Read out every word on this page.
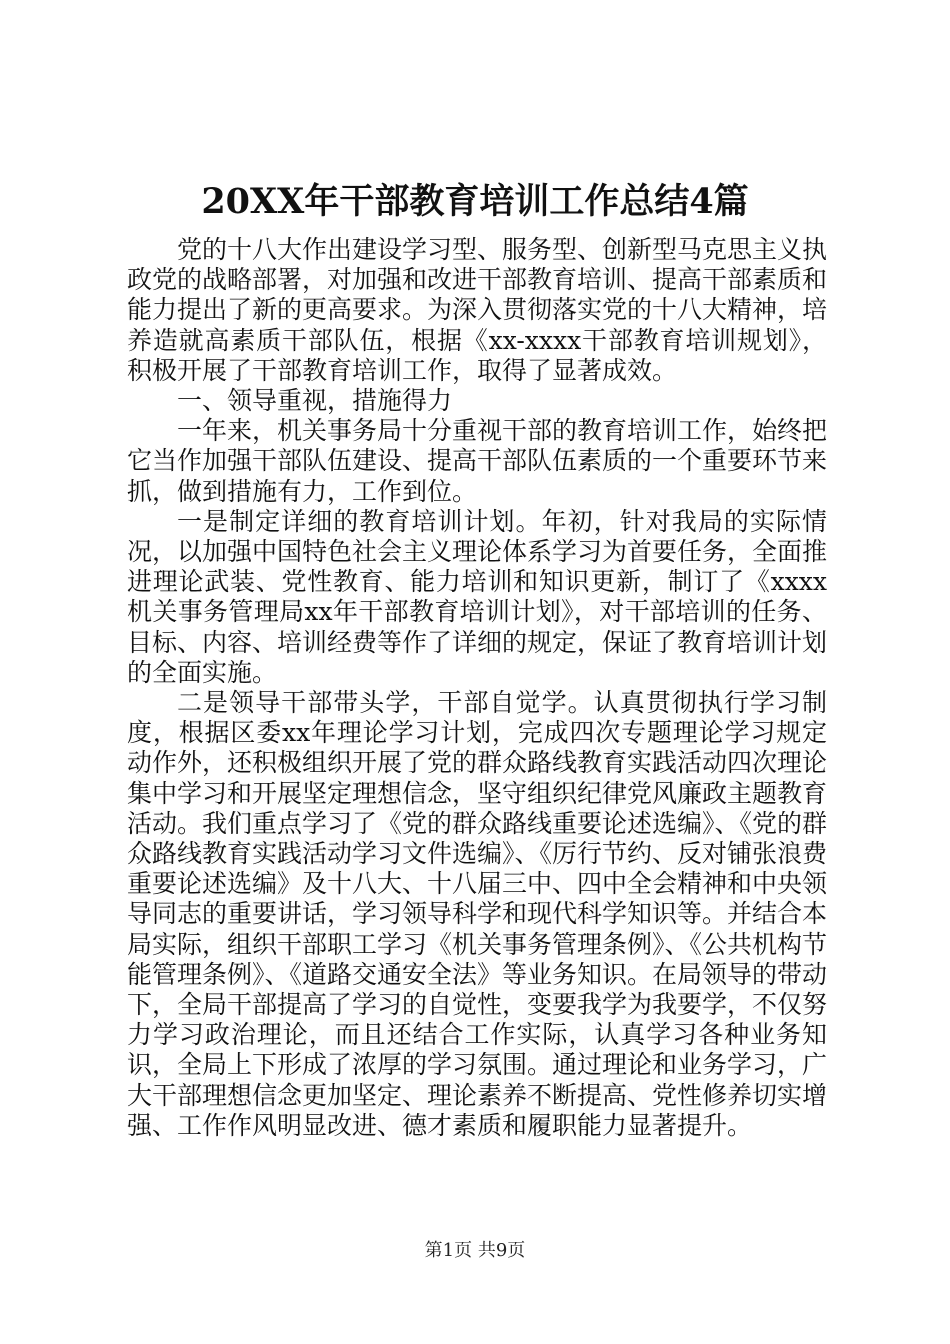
20XX年干部教育培训工作总结4篇

党的十八大作出建设学习型、服务型、创新型马克思主义执政党的战略部署，对加强和改进干部教育培训、提高干部素质和能力提出了新的更高要求。为深入贯彻落实党的十八大精神，培养造就高素质干部队伍，根据《xx-xxxx干部教育培训规划》，积极开展了干部教育培训工作，取得了显著成效。

一、领导重视，措施得力

一年来，机关事务局十分重视干部的教育培训工作，始终把它当作加强干部队伍建设、提高干部队伍素质的一个重要环节来抓，做到措施有力，工作到位。

一是制定详细的教育培训计划。年初，针对我局的实际情况，以加强中国特色社会主义理论体系学习为首要任务，全面推进理论武装、党性教育、能力培训和知识更新，制订了《xxxx机关事务管理局xx年干部教育培训计划》，对干部培训的任务、目标、内容、培训经费等作了详细的规定，保证了教育培训计划的全面实施。

二是领导干部带头学，干部自觉学。认真贯彻执行学习制度，根据区委xx年理论学习计划，完成四次专题理论学习规定动作外，还积极组织开展了党的群众路线教育实践活动四次理论集中学习和开展坚定理想信念，坚守组织纪律党风廉政主题教育活动。我们重点学习了《党的群众路线重要论述选编》、《党的群众路线教育实践活动学习文件选编》、《厉行节约、反对铺张浪费重要论述选编》及十八大、十八届三中、四中全会精神和中央领导同志的重要讲话，学习领导科学和现代科学知识等。并结合本局实际，组织干部职工学习《机关事务管理条例》、《公共机构节能管理条例》、《道路交通安全法》等业务知识。在局领导的带动下，全局干部提高了学习的自觉性，变要我学为我要学，不仅努力学习政治理论，而且还结合工作实际，认真学习各种业务知识，全局上下形成了浓厚的学习氛围。通过理论和业务学习，广大干部理想信念更加坚定、理论素养不断提高、党性修养切实增强、工作作风明显改进、德才素质和履职能力显著提升。

第1页 共9页
